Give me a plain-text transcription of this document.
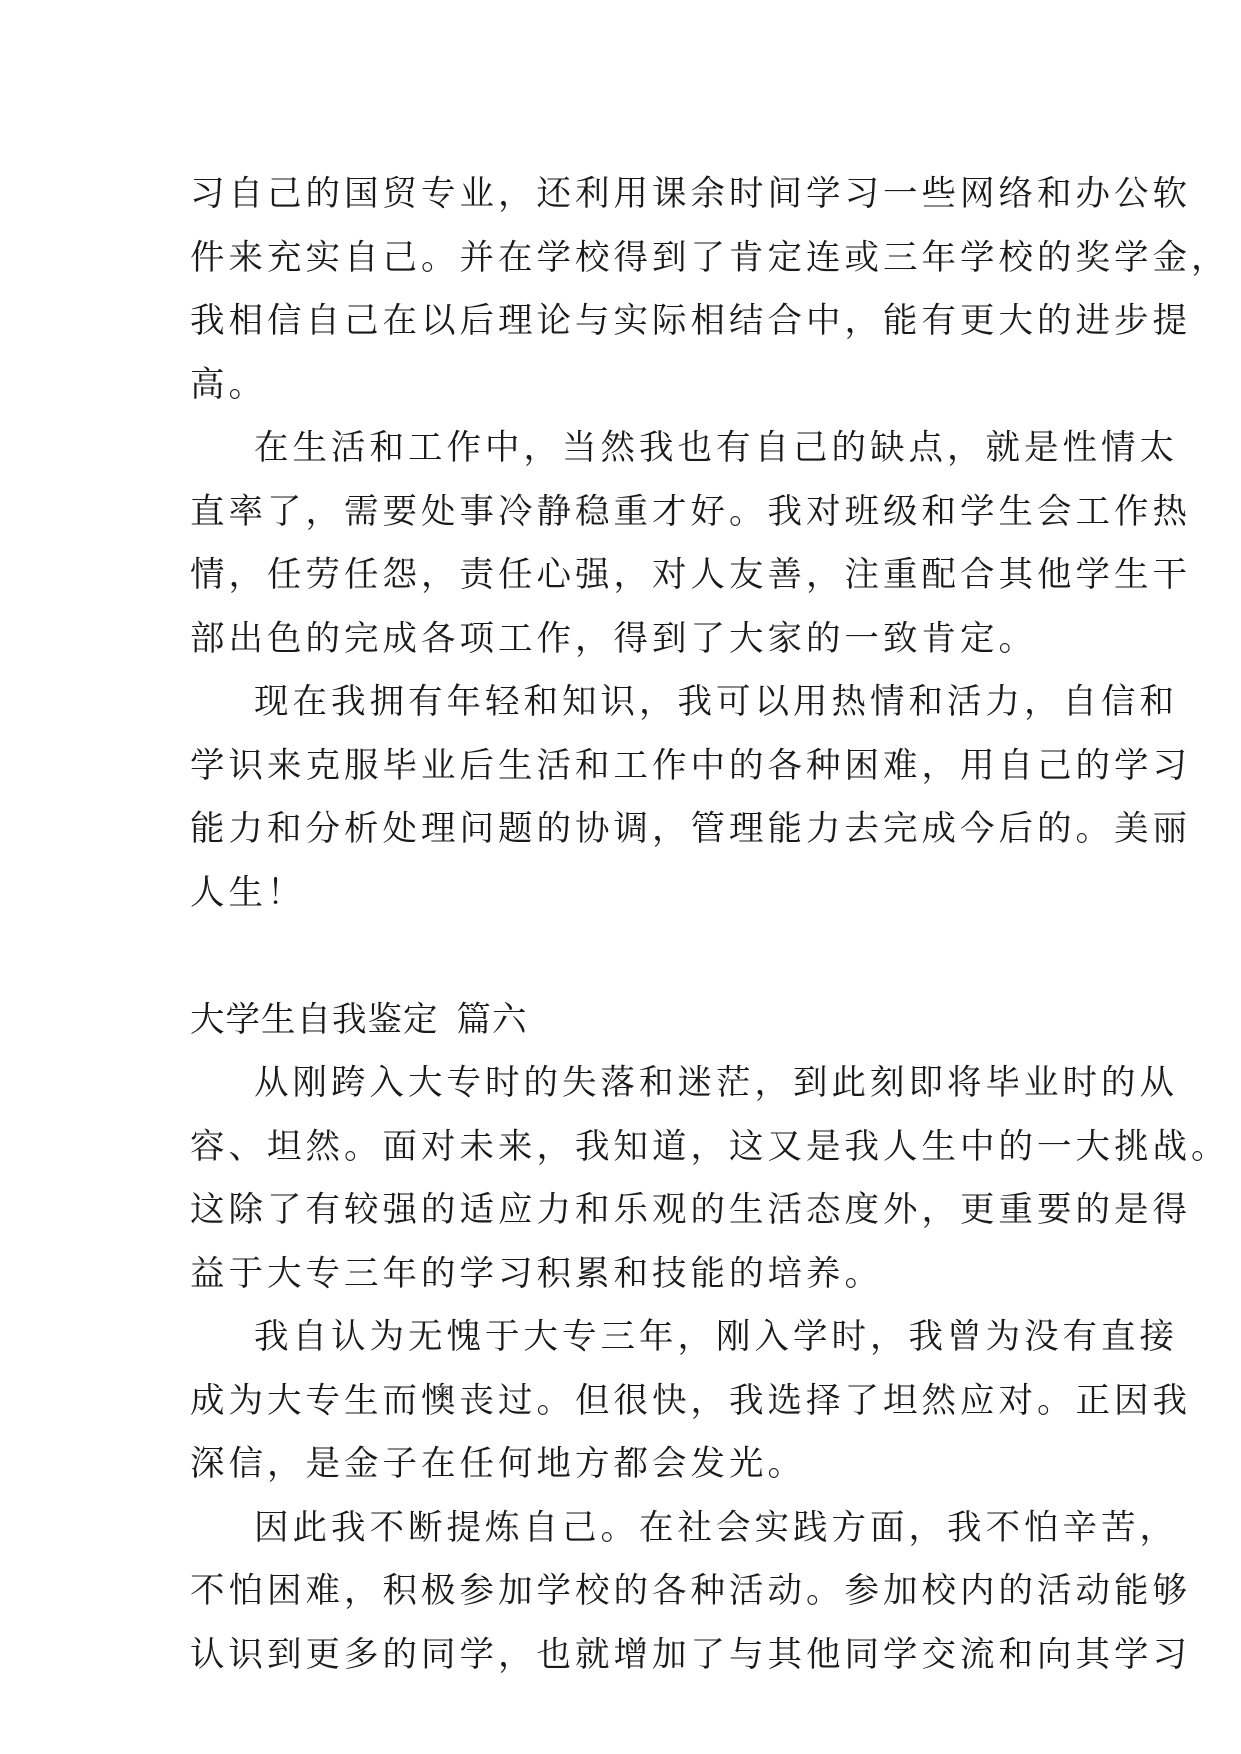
习自己的国贸专业，还利用课余时间学习一些网络和办公软
件来充实自己。并在学校得到了肯定连或三年学校的奖学金，
我相信自己在以后理论与实际相结合中，能有更大的进步提
高。
在生活和工作中，当然我也有自己的缺点，就是性情太
直率了，需要处事冷静稳重才好。我对班级和学生会工作热
情，任劳任怨，责任心强，对人友善，注重配合其他学生干
部出色的完成各项工作，得到了大家的一致肯定。
现在我拥有年轻和知识，我可以用热情和活力，自信和
学识来克服毕业后生活和工作中的各种困难，用自己的学习
能力和分析处理问题的协调，管理能力去完成今后的。美丽
人生！
大学生自我鉴定 篇六
从刚跨入大专时的失落和迷茫，到此刻即将毕业时的从
容、坦然。面对未来，我知道，这又是我人生中的一大挑战。
这除了有较强的适应力和乐观的生活态度外，更重要的是得
益于大专三年的学习积累和技能的培养。
我自认为无愧于大专三年，刚入学时，我曾为没有直接
成为大专生而懊丧过。但很快，我选择了坦然应对。正因我
深信，是金子在任何地方都会发光。
因此我不断提炼自己。在社会实践方面，我不怕辛苦，
不怕困难，积极参加学校的各种活动。参加校内的活动能够
认识到更多的同学，也就增加了与其他同学交流和向其学习
